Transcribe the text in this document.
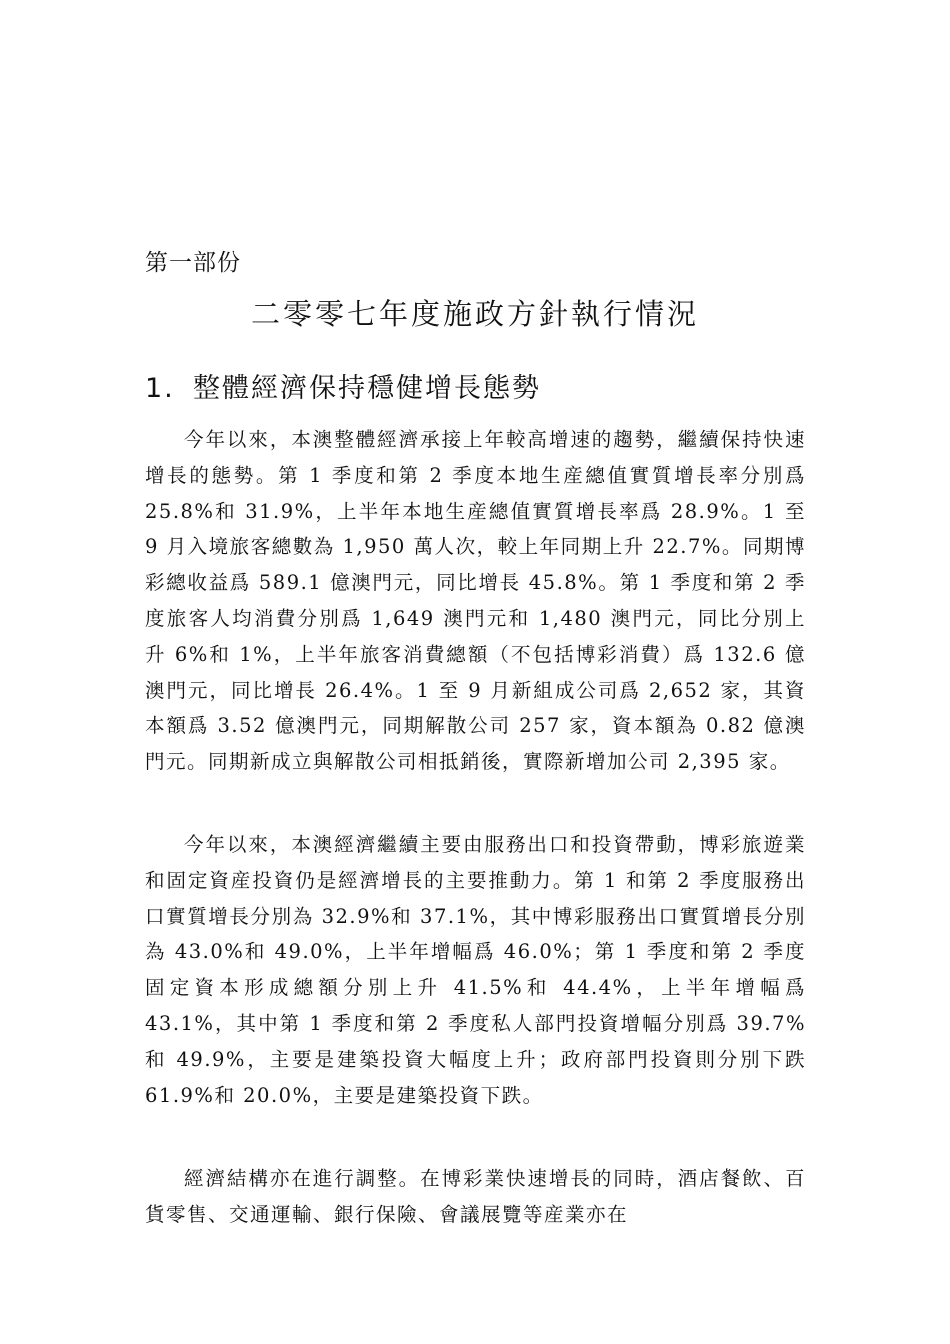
第一部份
二零零七年度施政方針執行情況
1. 整體經濟保持穩健增長態勢

今年以來，本澳整體經濟承接上年較高增速的趨勢，繼續保持快速增長的態勢。第 1 季度和第 2 季度本地生産總值實質增長率分別爲 25.8%和 31.9%，上半年本地生産總值實質增長率爲 28.9%。1 至 9 月入境旅客總數為 1,950 萬人次，較上年同期上升 22.7%。同期博彩總收益爲 589.1 億澳門元，同比增長 45.8%。第 1 季度和第 2 季度旅客人均消費分別爲 1,649 澳門元和 1,480 澳門元，同比分別上升 6%和 1%，上半年旅客消費總額（不包括博彩消費）爲 132.6 億澳門元，同比增長 26.4%。1 至 9 月新組成公司爲 2,652 家，其資本額爲 3.52 億澳門元，同期解散公司 257 家，資本額為 0.82 億澳門元。同期新成立與解散公司相抵銷後，實際新增加公司 2,395 家。

今年以來，本澳經濟繼續主要由服務出口和投資帶動，博彩旅遊業和固定資産投資仍是經濟增長的主要推動力。第 1 和第 2 季度服務出口實質增長分別為 32.9%和 37.1%，其中博彩服務出口實質增長分別為 43.0%和 49.0%，上半年增幅爲 46.0%；第 1 季度和第 2 季度固定資本形成總額分別上升 41.5%和 44.4%，上半年增幅爲 43.1%，其中第 1 季度和第 2 季度私人部門投資增幅分別爲 39.7%和 49.9%，主要是建築投資大幅度上升；政府部門投資則分別下跌 61.9%和 20.0%，主要是建築投資下跌。

經濟結構亦在進行調整。在博彩業快速增長的同時，酒店餐飲、百貨零售、交通運輸、銀行保險、會議展覽等産業亦在
